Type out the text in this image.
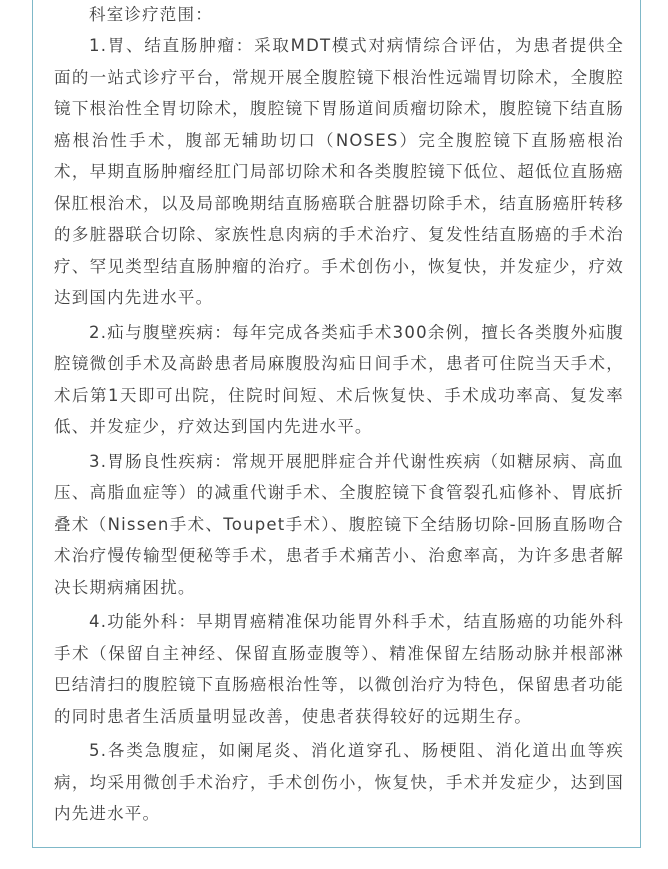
科室诊疗范围：

1.胃、结直肠肿瘤：采取MDT模式对病情综合评估，为患者提供全面的一站式诊疗平台，常规开展全腹腔镜下根治性远端胃切除术，全腹腔镜下根治性全胃切除术，腹腔镜下胃肠道间质瘤切除术，腹腔镜下结直肠癌根治性手术，腹部无辅助切口（NOSES）完全腹腔镜下直肠癌根治术，早期直肠肿瘤经肛门局部切除术和各类腹腔镜下低位、超低位直肠癌保肛根治术，以及局部晚期结直肠癌联合脏器切除手术，结直肠癌肝转移的多脏器联合切除、家族性息肉病的手术治疗、复发性结直肠癌的手术治疗、罕见类型结直肠肿瘤的治疗。手术创伤小，恢复快，并发症少，疗效达到国内先进水平。

2.疝与腹壁疾病：每年完成各类疝手术300余例，擅长各类腹外疝腹腔镜微创手术及高龄患者局麻腹股沟疝日间手术，患者可住院当天手术，术后第1天即可出院，住院时间短、术后恢复快、手术成功率高、复发率低、并发症少，疗效达到国内先进水平。

3.胃肠良性疾病：常规开展肥胖症合并代谢性疾病（如糖尿病、高血压、高脂血症等）的减重代谢手术、全腹腔镜下食管裂孔疝修补、胃底折叠术（Nissen手术、Toupet手术）、腹腔镜下全结肠切除-回肠直肠吻合术治疗慢传输型便秘等手术，患者手术痛苦小、治愈率高，为许多患者解决长期病痛困扰。

4.功能外科：早期胃癌精准保功能胃外科手术，结直肠癌的功能外科手术（保留自主神经、保留直肠壶腹等）、精准保留左结肠动脉并根部淋巴结清扫的腹腔镜下直肠癌根治性等，以微创治疗为特色，保留患者功能的同时患者生活质量明显改善，使患者获得较好的远期生存。

5.各类急腹症，如阑尾炎、消化道穿孔、肠梗阻、消化道出血等疾病，均采用微创手术治疗，手术创伤小，恢复快，手术并发症少，达到国内先进水平。
